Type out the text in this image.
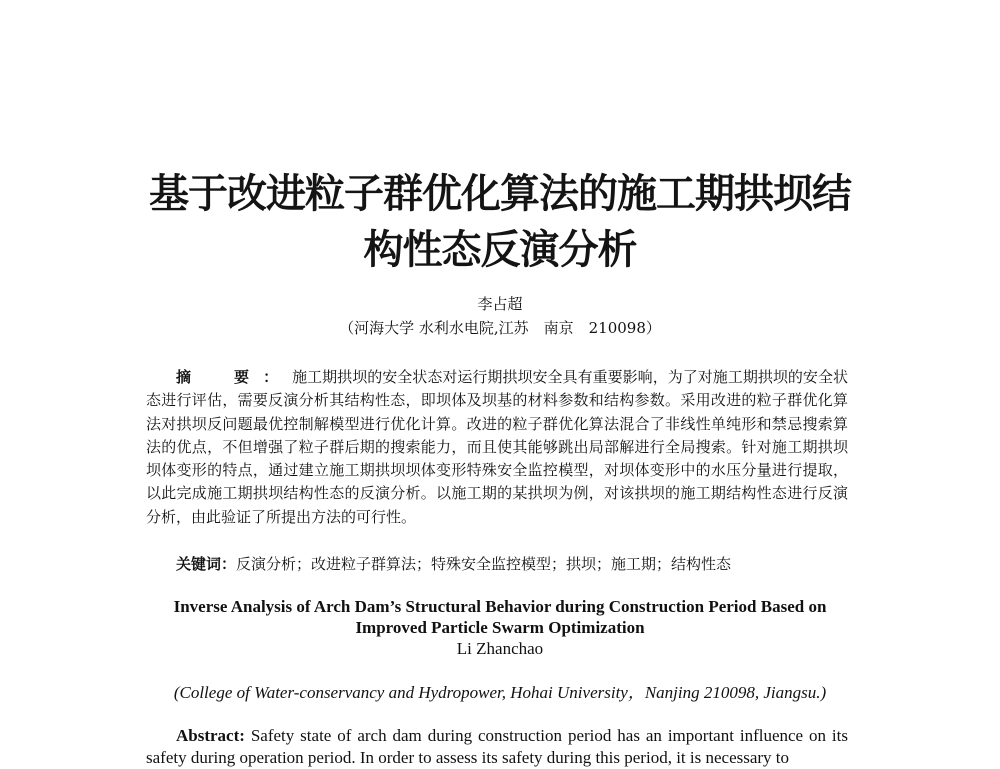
基于改进粒子群优化算法的施工期拱坝结
构性态反演分析
李占超
（河海大学 水利水电院,江苏　南京　210098）

摘　要：施工期拱坝的安全状态对运行期拱坝安全具有重要影响，为了对施工期拱坝的安全状态进行评估，需要反演分析其结构性态，即坝体及坝基的材料参数和结构参数。采用改进的粒子群优化算法对拱坝反问题最优控制解模型进行优化计算。改进的粒子群优化算法混合了非线性单纯形和禁忌搜索算法的优点，不但增强了粒子群后期的搜索能力，而且使其能够跳出局部解进行全局搜索。针对施工期拱坝坝体变形的特点，通过建立施工期拱坝坝体变形特殊安全监控模型，对坝体变形中的水压分量进行提取，以此完成施工期拱坝结构性态的反演分析。以施工期的某拱坝为例，对该拱坝的施工期结构性态进行反演分析，由此验证了所提出方法的可行性。

关键词：反演分析；改进粒子群算法；特殊安全监控模型；拱坝；施工期；结构性态

Inverse Analysis of Arch Dam’s Structural Behavior during Construction Period Based on
Improved Particle Swarm Optimization
Li Zhanchao
(College of Water-conservancy and Hydropower, Hohai University，Nanjing 210098, Jiangsu.)

Abstract: Safety state of arch dam during construction period has an important influence on its safety during operation period. In order to assess its safety during this period, it is necessary to
